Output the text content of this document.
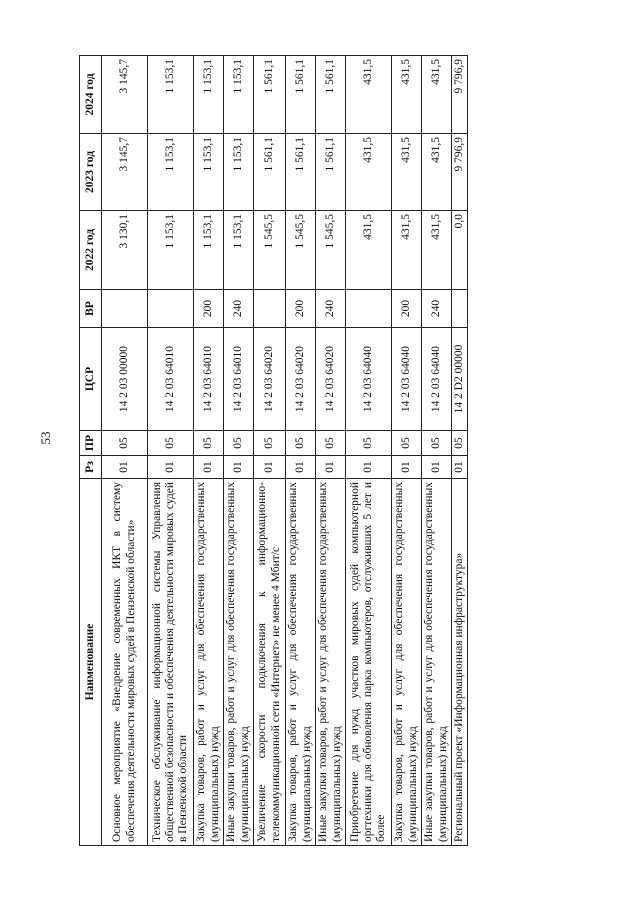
53
Наименование	Рз	ПР	ЦСР	ВР	2022 год	2023 год	2024 год
Основное мероприятие «Внедрение современных ИКТ в систему обеспечения деятельности мировых судей в Пензенской области»	01	05	14 2 03 00000		3 130,1	3 145,7	3 145,7
Техническое обслуживание информационной системы Управления общественной безопасности и обеспечения деятельности мировых судей в Пензенской области	01	05	14 2 03 64010		1 153,1	1 153,1	1 153,1
Закупка товаров, работ и услуг для обеспечения государственных (муниципальных) нужд	01	05	14 2 03 64010	200	1 153,1	1 153,1	1 153,1
Иные закупки товаров, работ и услуг для обеспечения государственных (муниципальных) нужд	01	05	14 2 03 64010	240	1 153,1	1 153,1	1 153,1
Увеличение скорости подключения к информационно-телекоммуникационной сети «Интернет» не менее 4 Мбит/с	01	05	14 2 03 64020		1 545,5	1 561,1	1 561,1
Закупка товаров, работ и услуг для обеспечения государственных (муниципальных) нужд	01	05	14 2 03 64020	200	1 545,5	1 561,1	1 561,1
Иные закупки товаров, работ и услуг для обеспечения государственных (муниципальных) нужд	01	05	14 2 03 64020	240	1 545,5	1 561,1	1 561,1
Приобретение для нужд участков мировых судей компьютерной оргтехники для обновления парка компьютеров, отслуживших 5 лет и более	01	05	14 2 03 64040		431,5	431,5	431,5
Закупка товаров, работ и услуг для обеспечения государственных (муниципальных) нужд	01	05	14 2 03 64040	200	431,5	431,5	431,5
Иные закупки товаров, работ и услуг для обеспечения государственных (муниципальных) нужд	01	05	14 2 03 64040	240	431,5	431,5	431,5
Региональный проект «Информационная инфраструктура»	01	05	14 2 D2 00000		0,0	9 796,9	9 796,9
